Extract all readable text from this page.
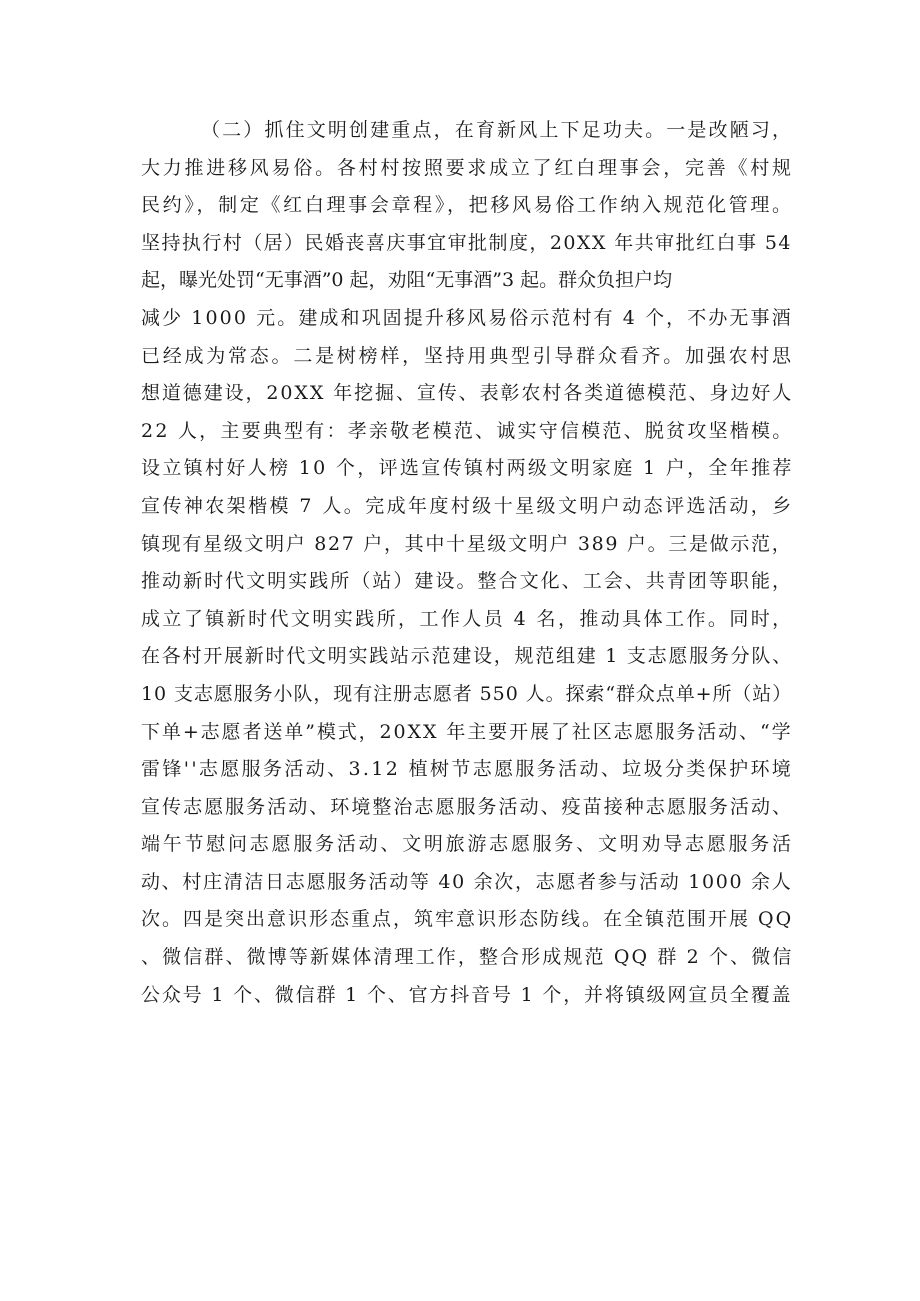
（二）抓住文明创建重点，在育新风上下足功夫。一是改陋习，
大力推进移风易俗。各村村按照要求成立了红白理事会，完善《村规
民约》，制定《红白理事会章程》，把移风易俗工作纳入规范化管理。
坚持执行村（居）民婚丧喜庆事宜审批制度，20XX 年共审批红白事 54
起，曝光处罚“无事酒”0 起，劝阻“无事酒”3 起。群众负担户均
减少 1000 元。建成和巩固提升移风易俗示范村有 4 个，不办无事酒
已经成为常态。二是树榜样，坚持用典型引导群众看齐。加强农村思
想道德建设，20XX 年挖掘、宣传、表彰农村各类道德模范、身边好人
22 人，主要典型有：孝亲敬老模范、诚实守信模范、脱贫攻坚楷模。
设立镇村好人榜 10 个，评选宣传镇村两级文明家庭 1 户，全年推荐
宣传神农架楷模 7 人。完成年度村级十星级文明户动态评选活动，乡
镇现有星级文明户 827 户，其中十星级文明户 389 户。三是做示范，
推动新时代文明实践所（站）建设。整合文化、工会、共青团等职能，
成立了镇新时代文明实践所，工作人员 4 名，推动具体工作。同时，
在各村开展新时代文明实践站示范建设，规范组建 1 支志愿服务分队、
10 支志愿服务小队，现有注册志愿者 550 人。探索“群众点单+所（站）
下单+志愿者送单”模式，20XX 年主要开展了社区志愿服务活动、“学
雷锋''志愿服务活动、3.12 植树节志愿服务活动、垃圾分类保护环境
宣传志愿服务活动、环境整治志愿服务活动、疫苗接种志愿服务活动、
端午节慰问志愿服务活动、文明旅游志愿服务、文明劝导志愿服务活
动、村庄清洁日志愿服务活动等 40 余次，志愿者参与活动 1000 余人
次。四是突出意识形态重点，筑牢意识形态防线。在全镇范围开展 QQ
、微信群、微博等新媒体清理工作，整合形成规范 QQ 群 2 个、微信
公众号 1 个、微信群 1 个、官方抖音号 1 个，并将镇级网宣员全覆盖
